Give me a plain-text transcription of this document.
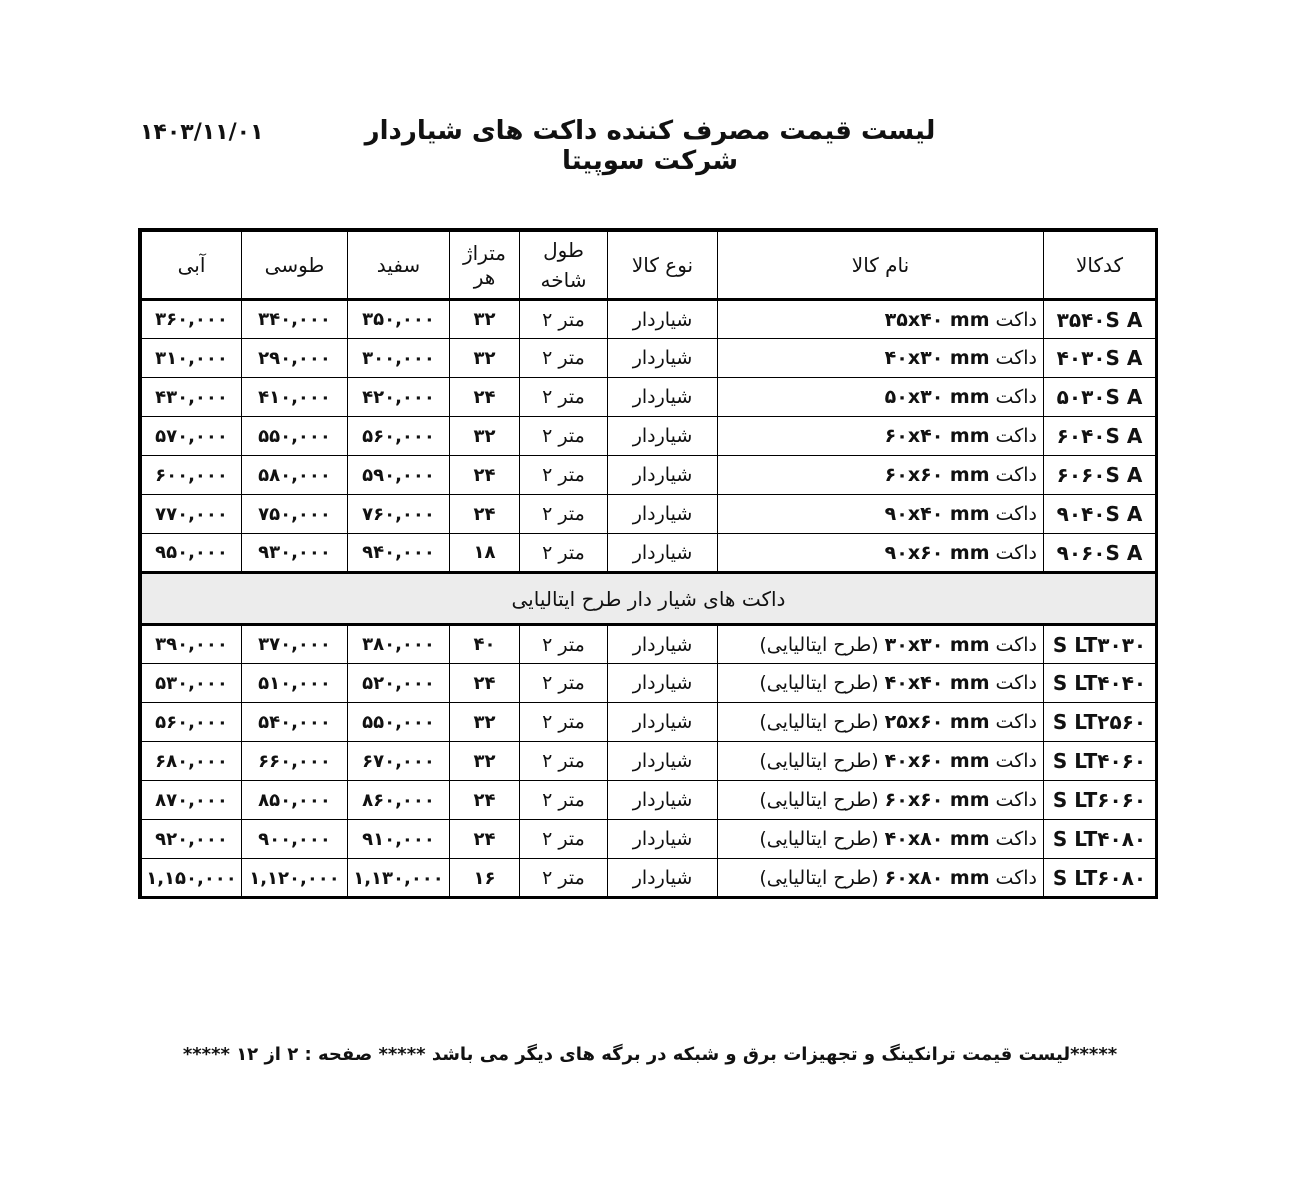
لیست قیمت مصرف کننده داکت های شیاردار شرکت سوپیتا
۱۴۰۳/۱۱/۰۱
کدکالا	نام کالا	نوع کالا	طول شاخه	متراژ هر	سفید	طوسی	آبی
۳۵۴۰S A	داکت ۳۵x۴۰ mm	شیاردار	متر ۲	۳۲	۳۵۰,۰۰۰	۳۴۰,۰۰۰	۳۶۰,۰۰۰
۴۰۳۰S A	داکت ۴۰x۳۰ mm	شیاردار	متر ۲	۳۲	۳۰۰,۰۰۰	۲۹۰,۰۰۰	۳۱۰,۰۰۰
۵۰۳۰S A	داکت ۵۰x۳۰ mm	شیاردار	متر ۲	۲۴	۴۲۰,۰۰۰	۴۱۰,۰۰۰	۴۳۰,۰۰۰
۶۰۴۰S A	داکت ۶۰x۴۰ mm	شیاردار	متر ۲	۳۲	۵۶۰,۰۰۰	۵۵۰,۰۰۰	۵۷۰,۰۰۰
۶۰۶۰S A	داکت ۶۰x۶۰ mm	شیاردار	متر ۲	۲۴	۵۹۰,۰۰۰	۵۸۰,۰۰۰	۶۰۰,۰۰۰
۹۰۴۰S A	داکت ۹۰x۴۰ mm	شیاردار	متر ۲	۲۴	۷۶۰,۰۰۰	۷۵۰,۰۰۰	۷۷۰,۰۰۰
۹۰۶۰S A	داکت ۹۰x۶۰ mm	شیاردار	متر ۲	۱۸	۹۴۰,۰۰۰	۹۳۰,۰۰۰	۹۵۰,۰۰۰
داکت های شیار دار طرح ایتالیایی							
S LT۳۰۳۰	داکت ۳۰x۳۰ mm (طرح ایتالیایی)	شیاردار	متر ۲	۴۰	۳۸۰,۰۰۰	۳۷۰,۰۰۰	۳۹۰,۰۰۰
S LT۴۰۴۰	داکت ۴۰x۴۰ mm (طرح ایتالیایی)	شیاردار	متر ۲	۲۴	۵۲۰,۰۰۰	۵۱۰,۰۰۰	۵۳۰,۰۰۰
S LT۲۵۶۰	داکت ۲۵x۶۰ mm (طرح ایتالیایی)	شیاردار	متر ۲	۳۲	۵۵۰,۰۰۰	۵۴۰,۰۰۰	۵۶۰,۰۰۰
S LT۴۰۶۰	داکت ۴۰x۶۰ mm (طرح ایتالیایی)	شیاردار	متر ۲	۳۲	۶۷۰,۰۰۰	۶۶۰,۰۰۰	۶۸۰,۰۰۰
S LT۶۰۶۰	داکت ۶۰x۶۰ mm (طرح ایتالیایی)	شیاردار	متر ۲	۲۴	۸۶۰,۰۰۰	۸۵۰,۰۰۰	۸۷۰,۰۰۰
S LT۴۰۸۰	داکت ۴۰x۸۰ mm (طرح ایتالیایی)	شیاردار	متر ۲	۲۴	۹۱۰,۰۰۰	۹۰۰,۰۰۰	۹۲۰,۰۰۰
S LT۶۰۸۰	داکت ۶۰x۸۰ mm (طرح ایتالیایی)	شیاردار	متر ۲	۱۶	۱,۱۳۰,۰۰۰	۱,۱۲۰,۰۰۰	۱,۱۵۰,۰۰۰
*****لیست قیمت ترانکینگ و تجهیزات برق و شبکه در برگه های دیگر می باشد ***** صفحه : ۲ از ۱۲ *****
